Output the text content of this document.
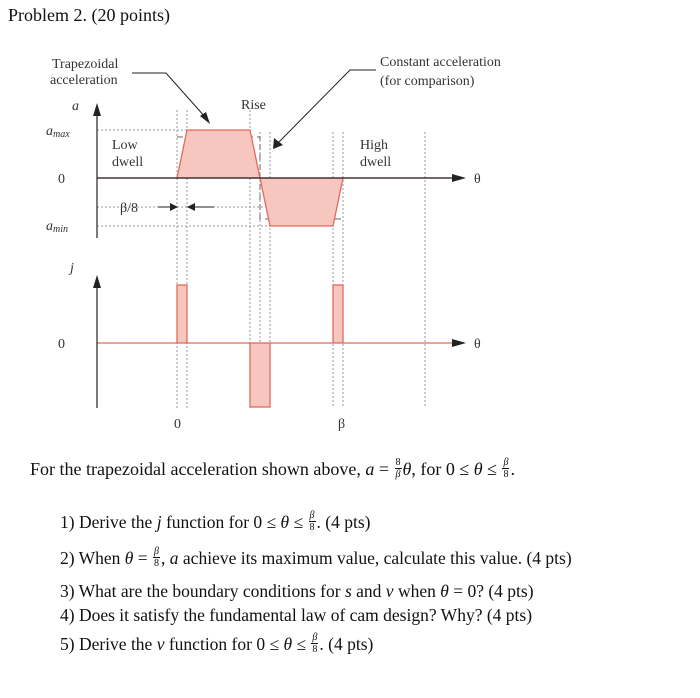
Problem 2. (20 points)
Trapezoidal
acceleration
Constant acceleration
(for comparison)
a
amax
amin
0
0
Rise
Low
dwell
High
dwell
β/8
θ
θ
j
0	β
For the trapezoidal acceleration shown above, $a = \frac{8}{\beta} \theta$, for $0 \le \theta \le \frac{\beta}{8}$ .
1) Derive the j function for $0 \le \theta \le \frac{\beta}{8}$ . (4 pts)
2) When $\theta = \frac{\beta}{8}$ , a achieve its maximum value, calculate this value. (4 pts)
3) What are the boundary conditions for s and v when θ = 0? (4 pts)
4) Does it satisfy the fundamental law of cam design? Why? (4 pts)
5) Derive the v function for $0 \le \theta \le \frac{\beta}{8}$ . (4 pts)
